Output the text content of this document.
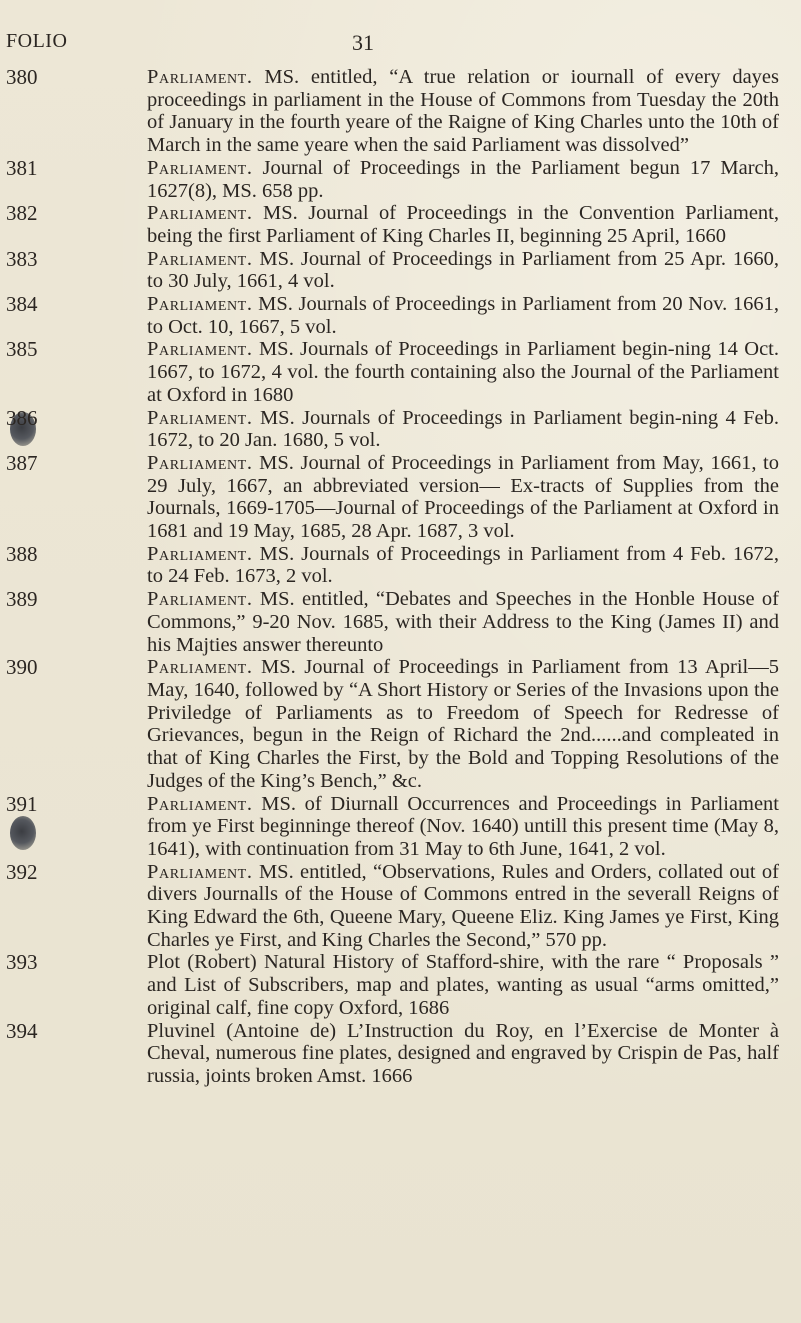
FOLIO	31
380	Parliament. MS. entitled, “A true relation or iournall of every dayes proceedings in parliament in the House of Commons from Tuesday the 20th of January in the fourth yeare of the Raigne of King Charles unto the 10th of March in the same yeare when the said Parliament was dissolved”
381	Parliament. Journal of Proceedings in the Parliament begun 17 March, 1627(8), MS. 658 pp.
382	Parliament. MS. Journal of Proceedings in the Convention Parliament, being the first Parliament of King Charles II, beginning 25 April, 1660
383	Parliament. MS. Journal of Proceedings in Parliament from 25 Apr. 1660, to 30 July, 1661, 4 vol.
384	Parliament. MS. Journals of Proceedings in Parliament from 20 Nov. 1661, to Oct. 10, 1667, 5 vol.
385	Parliament. MS. Journals of Proceedings in Parliament begin-ning 14 Oct. 1667, to 1672, 4 vol. the fourth containing also the Journal of the Parliament at Oxford in 1680
386	Parliament. MS. Journals of Proceedings in Parliament begin-ning 4 Feb. 1672, to 20 Jan. 1680, 5 vol.
387	Parliament. MS. Journal of Proceedings in Parliament from May, 1661, to 29 July, 1667, an abbreviated version— Ex-tracts of Supplies from the Journals, 1669-1705—Journal of Proceedings of the Parliament at Oxford in 1681 and 19 May, 1685, 28 Apr. 1687, 3 vol.
388	Parliament. MS. Journals of Proceedings in Parliament from 4 Feb. 1672, to 24 Feb. 1673, 2 vol.
389	Parliament. MS. entitled, “Debates and Speeches in the Honble House of Commons,” 9-20 Nov. 1685, with their Address to the King (James II) and his Majties answer thereunto
390	Parliament. MS. Journal of Proceedings in Parliament from 13 April—5 May, 1640, followed by “A Short History or Series of the Invasions upon the Priviledge of Parliaments as to Freedom of Speech for Redresse of Grievances, begun in the Reign of Richard the 2nd......and compleated in that of King Charles the First, by the Bold and Topping Resolutions of the Judges of the King’s Bench,” &c.
391	Parliament. MS. of Diurnall Occurrences and Proceedings in Parliament from ye First beginninge thereof (Nov. 1640) untill this present time (May 8, 1641), with continuation from 31 May to 6th June, 1641, 2 vol.
392	Parliament. MS. entitled, “Observations, Rules and Orders, collated out of divers Journalls of the House of Commons entred in the severall Reigns of King Edward the 6th, Queene Mary, Queene Eliz. King James ye First, King Charles ye First, and King Charles the Second,” 570 pp.
393	Plot (Robert) Natural History of Stafford-shire, with the rare “ Proposals ” and List of Subscribers, map and plates, wanting as usual “arms omitted,” original calf, fine copy Oxford, 1686
394	Pluvinel (Antoine de) L’Instruction du Roy, en l’Exercise de Monter à Cheval, numerous fine plates, designed and engraved by Crispin de Pas, half russia, joints broken Amst. 1666
